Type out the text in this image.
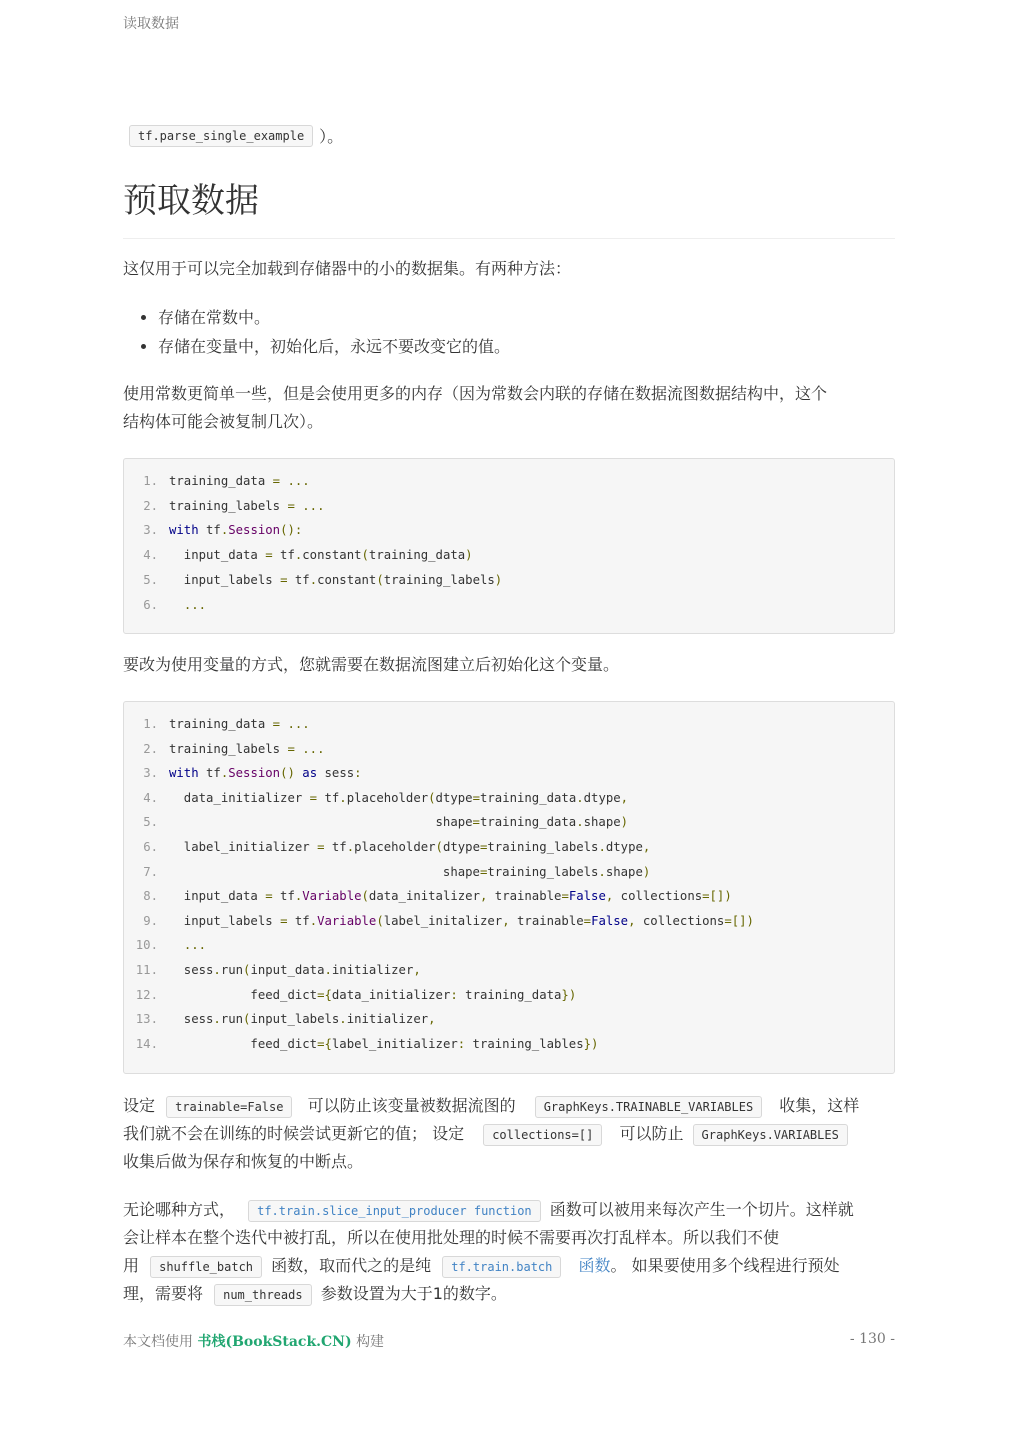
读取数据
tf.parse_single_example ）。
预取数据

这仅用于可以完全加载到存储器中的小的数据集。有两种方法：

• 存储在常数中。
• 存储在变量中，初始化后，永远不要改变它的值。

使用常数更简单一些，但是会使用更多的内存（因为常数会内联的存储在数据流图数据结构中，这个
结构体可能会被复制几次）。

1. training_data = ...
2. training_labels = ...
3. with tf.Session():
4.  input_data = tf.constant(training_data)
5.  input_labels = tf.constant(training_labels)
6. ...

要改为使用变量的方式，您就需要在数据流图建立后初始化这个变量。

1. training_data = ...
2. training_labels = ...
3. with tf.Session() as sess:
4.  data_initializer = tf.placeholder(dtype=training_data.dtype,
5.                                    shape=training_data.shape)
6.  label_initializer = tf.placeholder(dtype=training_labels.dtype,
7.                                     shape=training_labels.shape)
8.  input_data = tf.Variable(data_initalizer, trainable=False, collections=[])
9.  input_labels = tf.Variable(label_initalizer, trainable=False, collections=[])
10. ...
11.  sess.run(input_data.initializer,
12.           feed_dict={data_initializer: training_data})
13.  sess.run(input_labels.initializer,
14.           feed_dict={label_initializer: training_lables})
设定 trainable=False 可以防止该变量被数据流图的 GraphKeys.TRAINABLE_VARIABLES 收集，这样
我们就不会在训练的时候尝试更新它的值； 设定 collections=[] 可以防止 GraphKeys.VARIABLES
收集后做为保存和恢复的中断点。
无论哪种方式， tf.train.slice_input_producer function 函数可以被用来每次产生一个切片。这样就
会让样本在整个迭代中被打乱，所以在使用批处理的时候不需要再次打乱样本。所以我们不使
用 shuffle_batch 函数，取而代之的是纯 tf.train.batch 函数。 如果要使用多个线程进行预处
理，需要将 num_threads 参数设置为大于1的数字。
本文档使用 书栈(BookStack.CN) 构建	- 130 -
